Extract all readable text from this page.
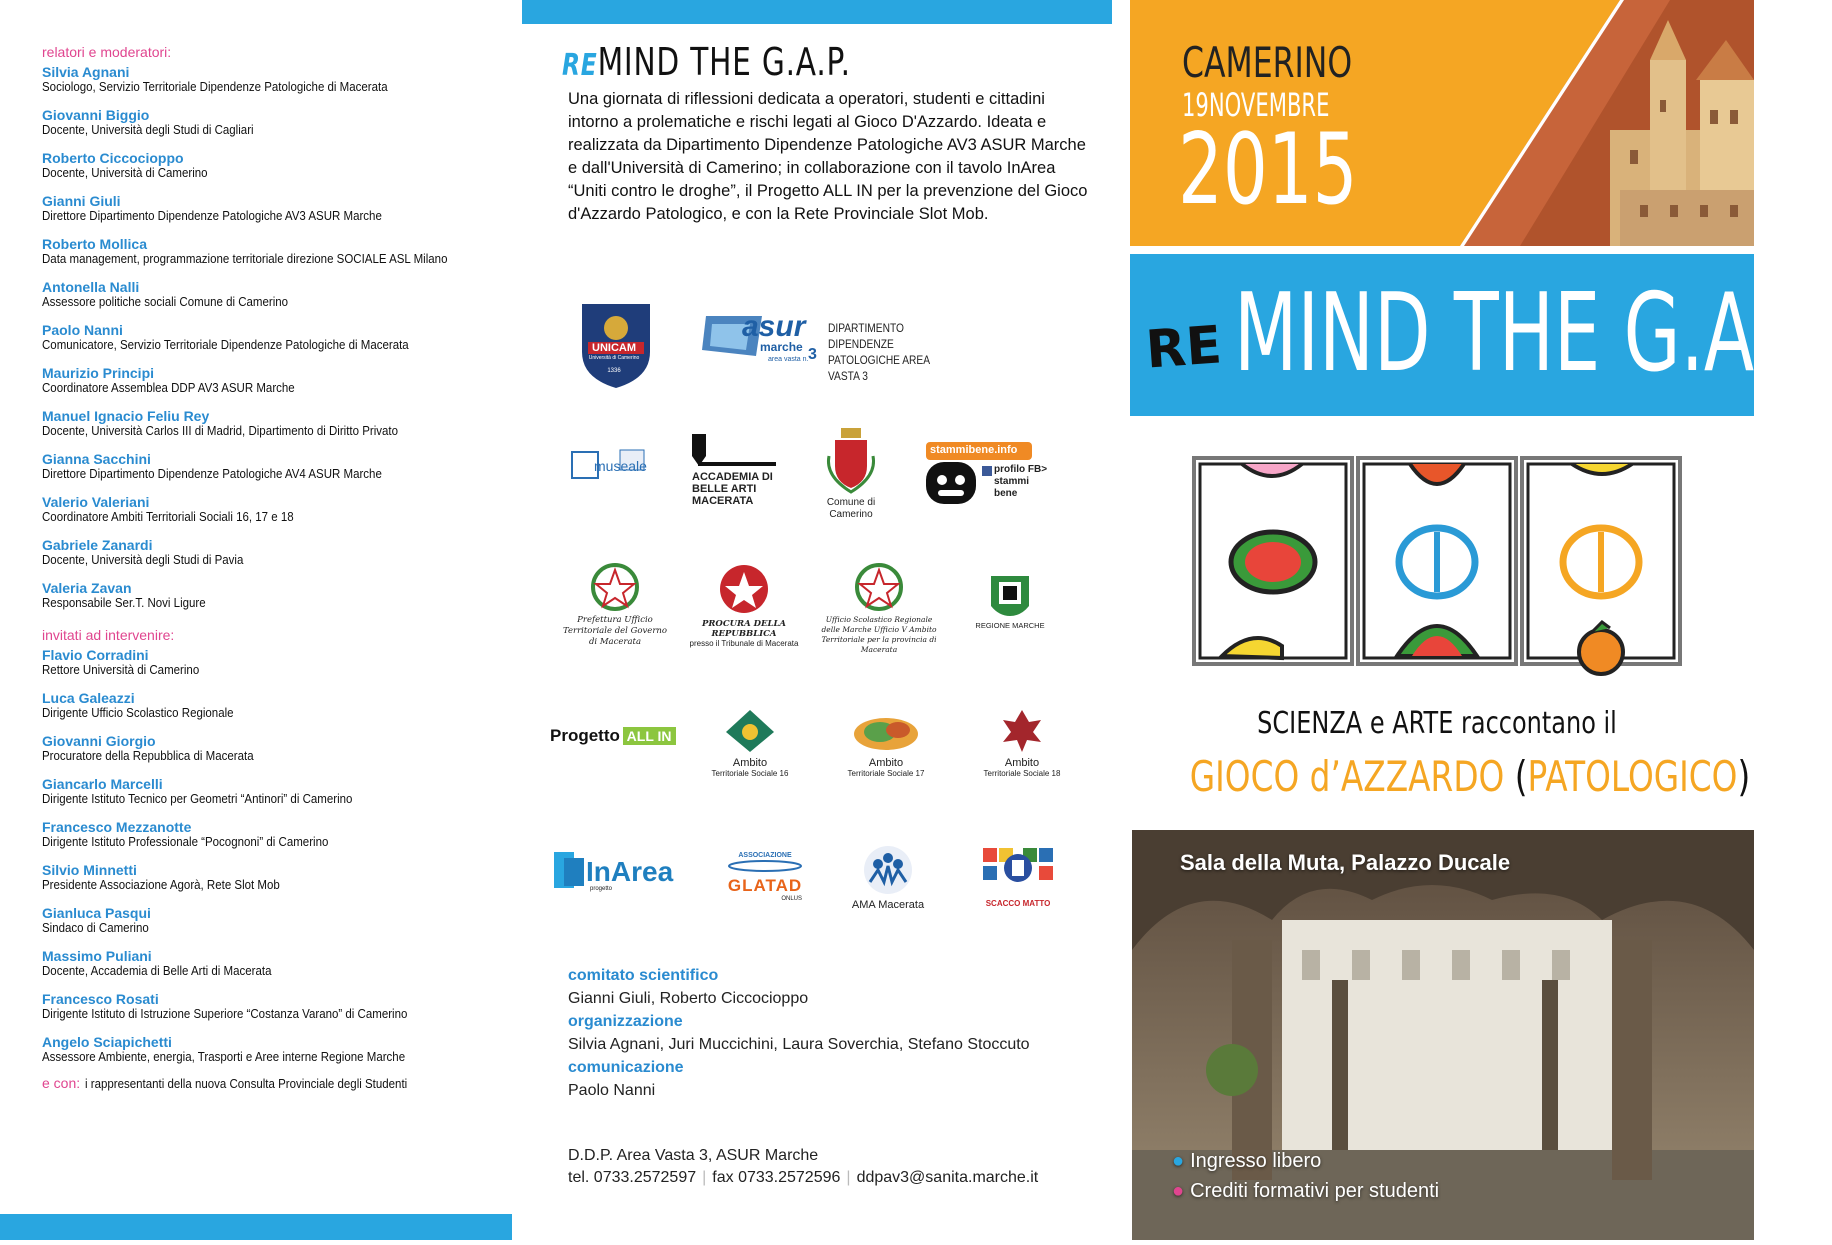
relatori e moderatori:
Silvia Agnani
Sociologo, Servizio Territoriale Dipendenze Patologiche di Macerata
Giovanni Biggio
Docente, Università degli Studi di Cagliari
Roberto Ciccocioppo
Docente, Università di Camerino
Gianni Giuli
Direttore Dipartimento Dipendenze Patologiche AV3 ASUR Marche
Roberto Mollica
Data management, programmazione territoriale direzione SOCIALE ASL Milano
Antonella Nalli
Assessore politiche sociali Comune di Camerino
Paolo Nanni
Comunicatore, Servizio Territoriale Dipendenze Patologiche di Macerata
Maurizio Principi
Coordinatore Assemblea DDP AV3 ASUR Marche
Manuel Ignacio Feliu Rey
Docente, Università Carlos III di Madrid, Dipartimento di Diritto Privato
Gianna Sacchini
Direttore Dipartimento Dipendenze Patologiche AV4 ASUR Marche
Valerio Valeriani
Coordinatore Ambiti Territoriali Sociali 16, 17 e 18
Gabriele Zanardi
Docente, Università degli Studi di Pavia
Valeria Zavan
Responsabile Ser.T. Novi Ligure
invitati ad intervenire:
Flavio Corradini
Rettore Università di Camerino
Luca Galeazzi
Dirigente Ufficio Scolastico Regionale
Giovanni Giorgio
Procuratore della Repubblica di Macerata
Giancarlo Marcelli
Dirigente Istituto Tecnico per Geometri “Antinori” di Camerino
Francesco Mezzanotte
Dirigente Istituto Professionale “Pocognoni” di Camerino
Silvio Minnetti
Presidente Associazione Agorà, Rete Slot Mob
Gianluca Pasqui
Sindaco di Camerino
Massimo Puliani
Docente, Accademia di Belle Arti di Macerata
Francesco Rosati
Dirigente Istituto di Istruzione Superiore “Costanza Varano” di Camerino
Angelo Sciapichetti
Assessore Ambiente, energia, Trasporti e Aree interne Regione Marche
e con: i rappresentanti della nuova Consulta Provinciale degli Studenti
REMIND THE G.A.P.
Una giornata di riflessioni dedicata a operatori, studenti e cittadini intorno a prolematiche e rischi legati al Gioco D'Azzardo. Ideata e realizzata da Dipartimento Dipendenze Patologiche AV3 ASUR Marche e dall'Università di Camerino; in collaborazione con il tavolo InArea “Uniti contro le droghe”, il Progetto ALL IN per la prevenzione del Gioco d'Azzardo Patologico, e con la Rete Provinciale Slot Mob.
UNICAM
Università di Camerino
1336
asur
marche 3
area vasta n.
DIPARTIMENTO DIPENDENZE PATOLOGICHE AREA VASTA 3
museale
ACCADEMIA DI BELLE ARTI MACERATA	Comune di Camerino
stammibene.info
profilo FB> stammi bene
Prefettura Ufficio Territoriale del Governo di Macerata
PROCURA DELLA REPUBBLICA
presso il Tribunale di Macerata
Ufficio Scolastico Regionale delle Marche Ufficio V Ambito Territoriale per la provincia di Macerata
REGIONE MARCHE
Progetto ALL IN
Ambito
Territoriale Sociale 16
Ambito
Territoriale Sociale 17
Ambito
Territoriale Sociale 18
InArea
progetto
ASSOCIAZIONE
GLATAD
ONLUS	AMA Macerata	SCACCO MATTO
comitato scientifico
Gianni Giuli, Roberto Ciccocioppo
organizzazione
Silvia Agnani, Juri Muccichini, Laura Soverchia, Stefano Stoccuto
comunicazione
Paolo Nanni
D.D.P. Area Vasta 3, ASUR Marche
tel. 0733.2572597 | fax 0733.2572596 | ddpav3@sanita.marche.it
CAMERINO
19NOVEMBRE
2015
MIND THE G.A.P.
RE
SCIENZA e ARTE raccontano il
GIOCO d’AZZARDO (PATOLOGICO)
Sala della Muta, Palazzo Ducale
● Ingresso libero
● Crediti formativi per studenti
